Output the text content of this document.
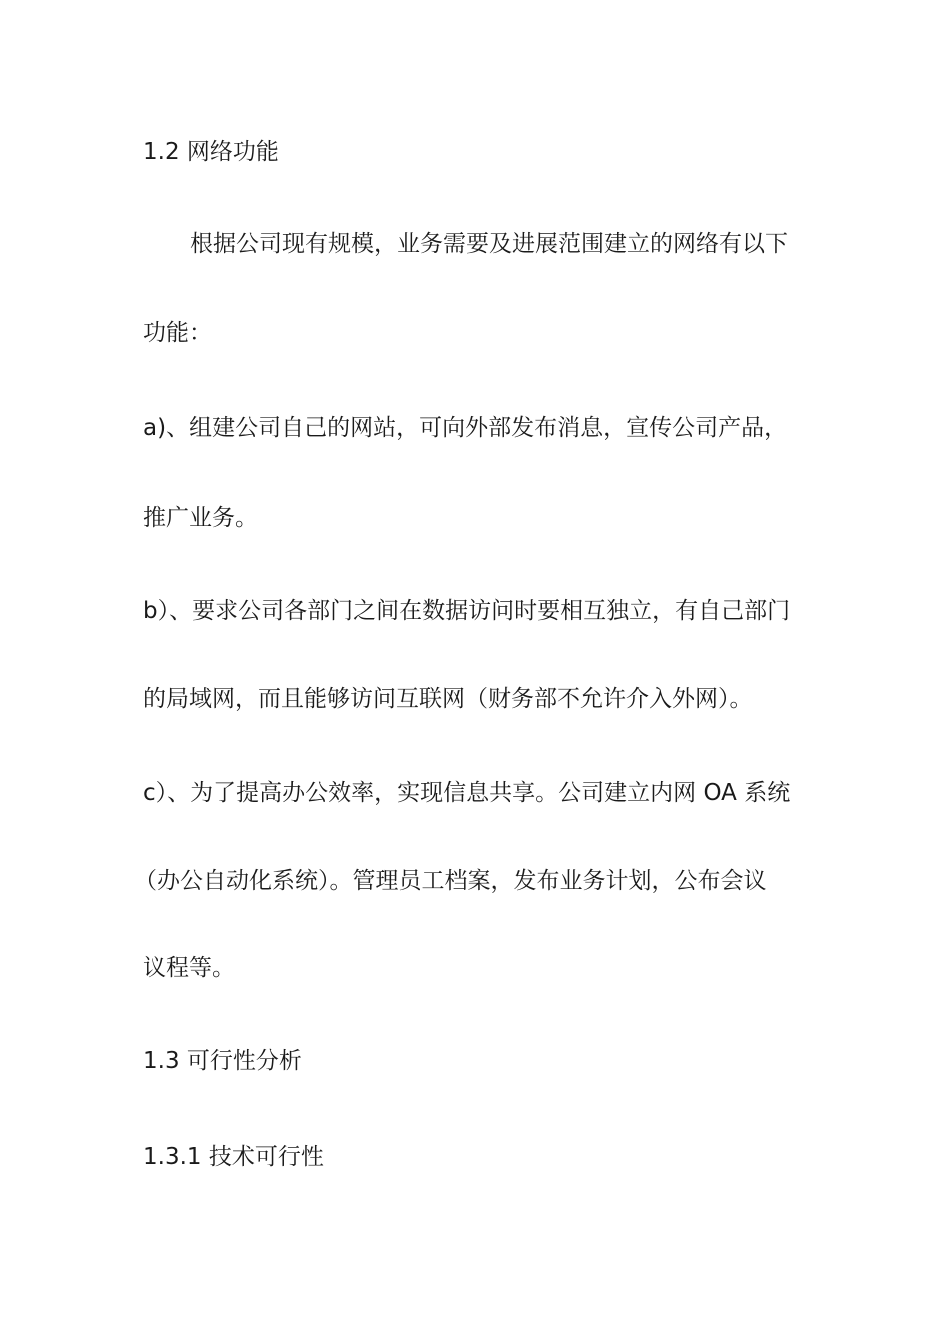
1.2 网络功能
根据公司现有规模，业务需要及进展范围建立的网络有以下
功能：
a)、组建公司自己的网站，可向外部发布消息，宣传公司产品，
推广业务。
b）、要求公司各部门之间在数据访问时要相互独立，有自己部门
的局域网，而且能够访问互联网（财务部不允许介入外网）。
c）、为了提高办公效率，实现信息共享。公司建立内网 OA 系统
（办公自动化系统）。管理员工档案，发布业务计划，公布会议
议程等。
1.3 可行性分析
1.3.1 技术可行性
